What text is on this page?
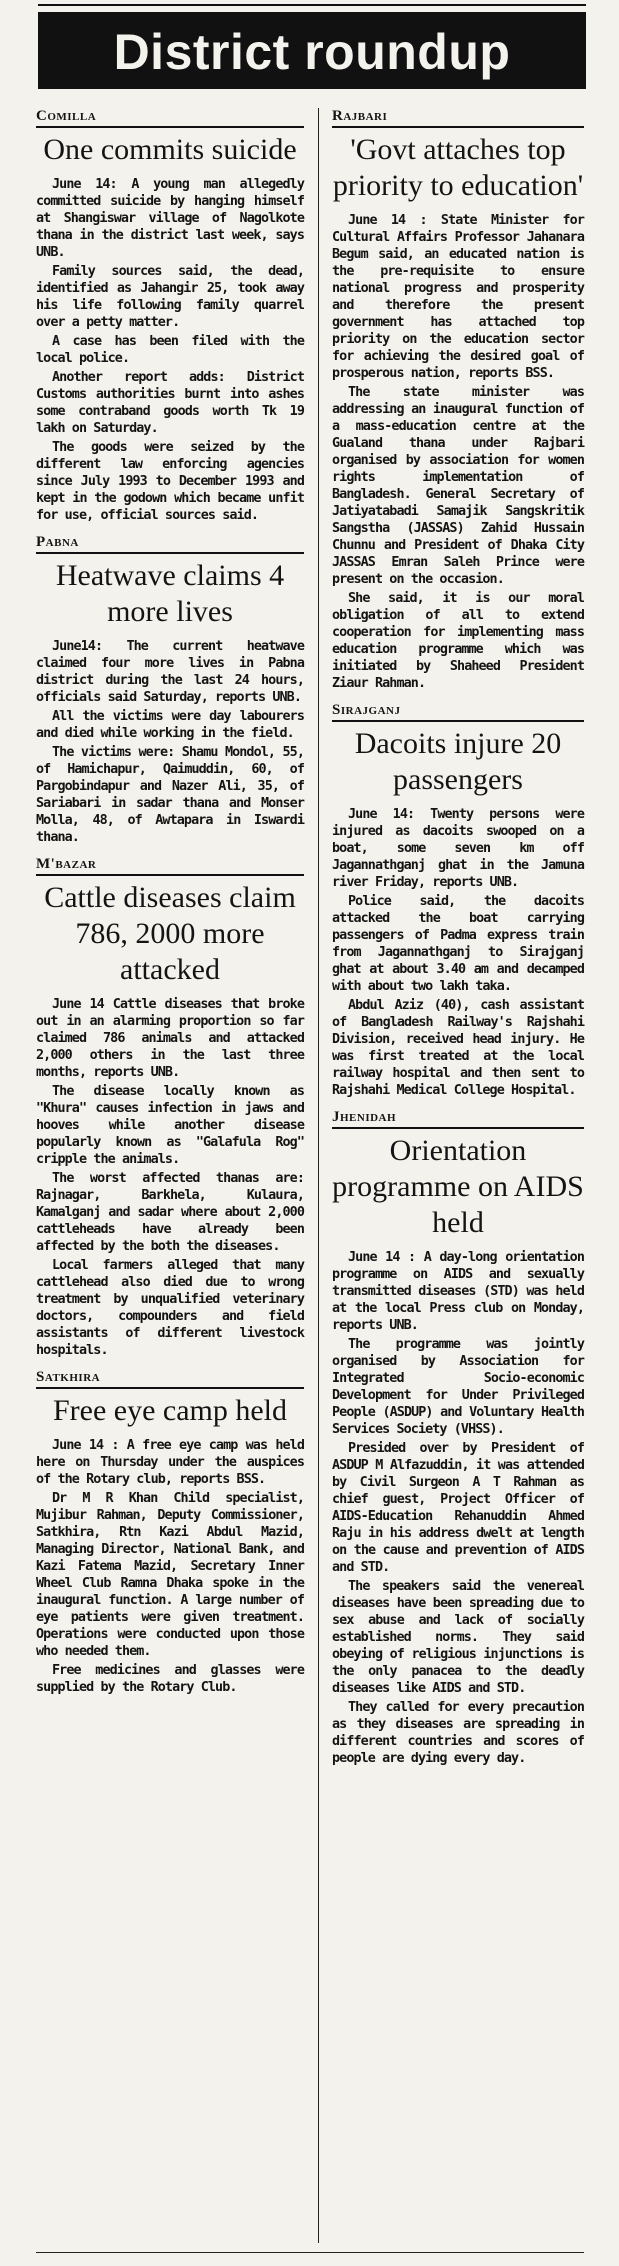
District roundup
Comilla
One commits suicide

June 14: A young man allegedly committed suicide by hanging himself at Shangiswar village of Nagolkote thana in the district last week, says UNB.

Family sources said, the dead, identified as Jahangir 25, took away his life following family quarrel over a petty matter.

A case has been filed with the local police.

Another report adds: District Customs authorities burnt into ashes some contraband goods worth Tk 19 lakh on Saturday.

The goods were seized by the different law enforcing agencies since July 1993 to December 1993 and kept in the godown which became unfit for use, official sources said.

Pabna
Heatwave claims 4 more lives

June14: The current heatwave claimed four more lives in Pabna district during the last 24 hours, officials said Saturday, reports UNB.

All the victims were day labourers and died while working in the field.

The victims were: Shamu Mondol, 55, of Hamichapur, Qaimuddin, 60, of Pargobindapur and Nazer Ali, 35, of Sariabari in sadar thana and Monser Molla, 48, of Awtapara in Iswardi thana.

M'bazar
Cattle diseases claim 786, 2000 more attacked

June 14 Cattle diseases that broke out in an alarming proportion so far claimed 786 animals and attacked 2,000 others in the last three months, reports UNB.

The disease locally known as "Khura" causes infection in jaws and hooves while another disease popularly known as "Galafula Rog" cripple the animals.

The worst affected thanas are: Rajnagar, Barkhela, Kulaura, Kamalganj and sadar where about 2,000 cattleheads have already been affected by the both the diseases.

Local farmers alleged that many cattlehead also died due to wrong treatment by unqualified veterinary doctors, compounders and field assistants of different livestock hospitals.

Satkhira
Free eye camp held

June 14 : A free eye camp was held here on Thursday under the auspices of the Rotary club, reports BSS.

Dr M R Khan Child specialist, Mujibur Rahman, Deputy Commissioner, Satkhira, Rtn Kazi Abdul Mazid, Managing Director, National Bank, and Kazi Fatema Mazid, Secretary Inner Wheel Club Ramna Dhaka spoke in the inaugural function. A large number of eye patients were given treatment. Operations were conducted upon those who needed them.

Free medicines and glasses were supplied by the Rotary Club.

Rajbari
'Govt attaches top priority to education'

June 14 : State Minister for Cultural Affairs Professor Jahanara Begum said, an educated nation is the pre-requisite to ensure national progress and prosperity and therefore the present government has attached top priority on the education sector for achieving the desired goal of prosperous nation, reports BSS.

The state minister was addressing an inaugural function of a mass-education centre at the Gualand thana under Rajbari organised by association for women rights implementation of Bangladesh. General Secretary of Jatiyatabadi Samajik Sangskritik Sangstha (JASSAS) Zahid Hussain Chunnu and President of Dhaka City JASSAS Emran Saleh Prince were present on the occasion.

She said, it is our moral obligation of all to extend cooperation for implementing mass education programme which was initiated by Shaheed President Ziaur Rahman.

Sirajganj
Dacoits injure 20 passengers

June 14: Twenty persons were injured as dacoits swooped on a boat, some seven km off Jagannathganj ghat in the Jamuna river Friday, reports UNB.

Police said, the dacoits attacked the boat carrying passengers of Padma express train from Jagannathganj to Sirajganj ghat at about 3.40 am and decamped with about two lakh taka.

Abdul Aziz (40), cash assistant of Bangladesh Railway's Rajshahi Division, received head injury. He was first treated at the local railway hospital and then sent to Rajshahi Medical College Hospital.

Jhenidah
Orientation programme on AIDS held

June 14 : A day-long orientation programme on AIDS and sexually transmitted diseases (STD) was held at the local Press club on Monday, reports UNB.

The programme was jointly organised by Association for Integrated Socio-economic Development for Under Privileged People (ASDUP) and Voluntary Health Services Society (VHSS).

Presided over by President of ASDUP M Alfazuddin, it was attended by Civil Surgeon A T Rahman as chief guest, Project Officer of AIDS-Education Rehanuddin Ahmed Raju in his address dwelt at length on the cause and prevention of AIDS and STD.

The speakers said the venereal diseases have been spreading due to sex abuse and lack of socially established norms. They said obeying of religious injunctions is the only panacea to the deadly diseases like AIDS and STD.

They called for every precaution as they diseases are spreading in different countries and scores of people are dying every day.
